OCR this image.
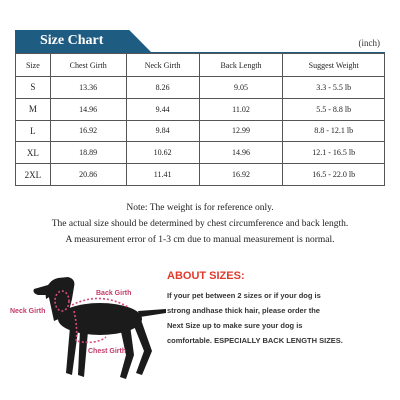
Size Chart	(inch)
Size	Chest Girth	Neck Girth	Back Length	Suggest Weight
S	13.36	8.26	9.05	3.3 - 5.5 lb
M	14.96	9.44	11.02	5.5 - 8.8 lb
L	16.92	9.84	12.99	8.8 - 12.1 lb
XL	18.89	10.62	14.96	12.1 - 16.5 lb
2XL	20.86	11.41	16.92	16.5 - 22.0 lb
Note: The weight is for reference only.
The actual size should be determined by chest circumference and back length.
A measurement error of 1-3 cm due to manual measurement is normal.
Back Girth
Neck Girth
Chest Girth
ABOUT SIZES:
If your pet between 2 sizes or if your dog is
strong andhase thick hair, please order the
Next Size up to make sure your dog is
comfortable. ESPECIALLY BACK LENGTH SIZES.
